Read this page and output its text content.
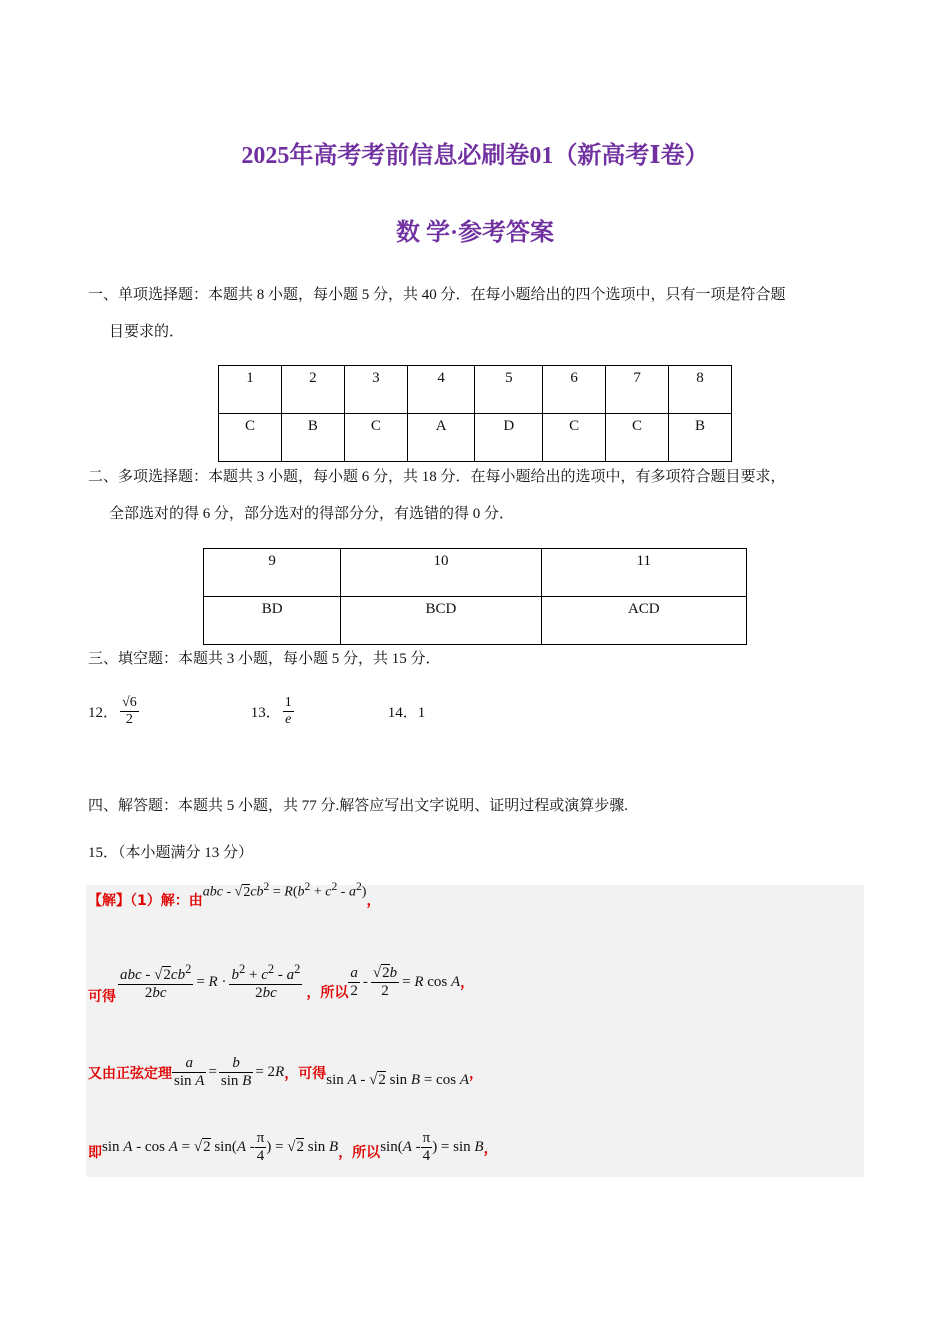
2025年高考考前信息必刷卷01（新高考Ⅰ卷）
数 学·参考答案
一、单项选择题：本题共 8 小题，每小题 5 分，共 40 分．在每小题给出的四个选项中，只有一项是符合题
目要求的．
1	2	3	4	5	6	7	8
C	B	C	A	D	C	C	B
二、多项选择题：本题共 3 小题，每小题 6 分，共 18 分．在每小题给出的选项中，有多项符合题目要求，
全部选对的得 6 分，部分选对的得部分分，有选错的得 0 分．
9	10	11
BD	BCD	ACD
三、填空题：本题共 3 小题，每小题 5 分，共 15 分．
12． $\frac{√6}{2}$	13． $\frac{1}{e}$	14．1
四、解答题：本题共 5 小题，共 77 分.解答应写出文字说明、证明过程或演算步骤.
15．（本小题满分 13 分）
【解】（1）解：由
abc - $√2cb^2 = R(b^2 + c^2 - a^2)$
，
可得 $\frac{abc - √2cb^2}{2bc} = R \cdot \frac{b^2 + c^2 - a^2}{2bc}$ ，所以 $\frac{a}{2} - \frac{√2b}{2} = R$ cos A ，
又由正弦定理 $\frac{a}{\text{sin A}} = \frac{b}{\text{sin B}} = 2R$ ，可得 sin A - √2 sin B = cos A ，
即 sin A - cos A = √2 $\sin(A - \frac{\pi}{4}$ ) = √2 sin B ，所以 $\sin(A - \frac{\pi}{4}$ ) = sin B ，
